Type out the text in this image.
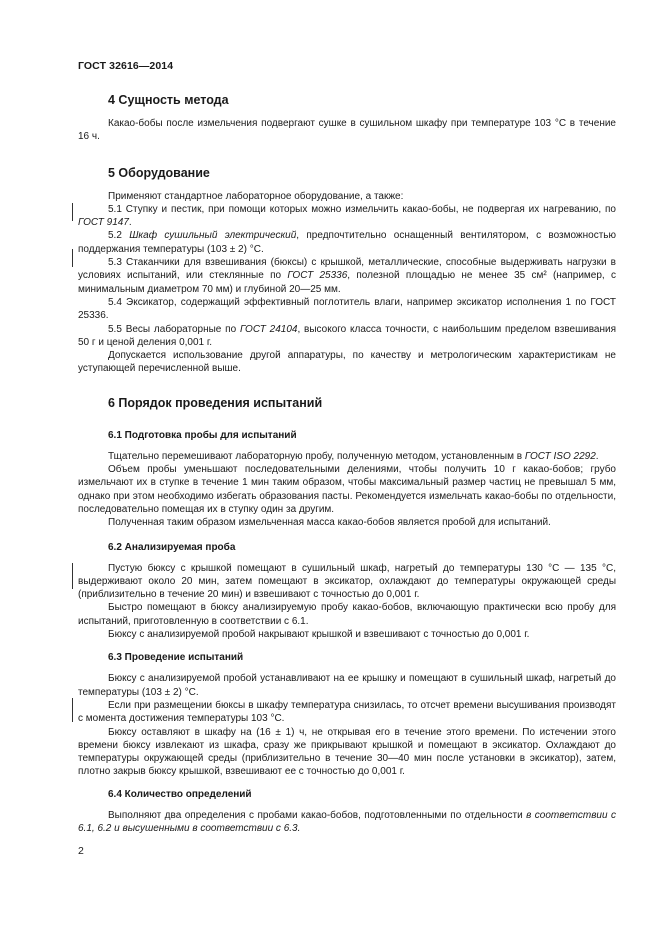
ГОСТ 32616—2014
4 Сущность метода

Какао-бобы после измельчения подвергают сушке в сушильном шкафу при температуре 103 °C в течение 16 ч.

5 Оборудование

Применяют стандартное лабораторное оборудование, а также:

5.1 Ступку и пестик, при помощи которых можно измельчить какао-бобы, не подвергая их нагреванию, по ГОСТ 9147.

5.2 Шкаф сушильный электрический, предпочтительно оснащенный вентилятором, с возможностью поддержания температуры (103 ± 2) °С.

5.3 Стаканчики для взвешивания (бюксы) с крышкой, металлические, способные выдерживать нагрузки в условиях испытаний, или стеклянные по ГОСТ 25336, полезной площадью не менее 35 см² (например, с минимальным диаметром 70 мм) и глубиной 20—25 мм.

5.4 Эксикатор, содержащий эффективный поглотитель влаги, например эксикатор исполнения 1 по ГОСТ 25336.

5.5 Весы лабораторные по ГОСТ 24104, высокого класса точности, с наибольшим пределом взвешивания 50 г и ценой деления 0,001 г.

Допускается использование другой аппаратуры, по качеству и метрологическим характеристикам не уступающей перечисленной выше.

6 Порядок проведения испытаний
6.1 Подготовка пробы для испытаний

Тщательно перемешивают лабораторную пробу, полученную методом, установленным в ГОСТ ISO 2292.

Объем пробы уменьшают последовательными делениями, чтобы получить 10 г какао-бобов; грубо измельчают их в ступке в течение 1 мин таким образом, чтобы максимальный размер частиц не превышал 5 мм, однако при этом необходимо избегать образования пасты. Рекомендуется измельчать какао-бобы по отдельности, последовательно помещая их в ступку один за другим.

Полученная таким образом измельченная масса какао-бобов является пробой для испытаний.

6.2 Анализируемая проба

Пустую бюксу с крышкой помещают в сушильный шкаф, нагретый до температуры 130 °С — 135 °С, выдерживают около 20 мин, затем помещают в эксикатор, охлаждают до температуры окружающей среды (приблизительно в течение 20 мин) и взвешивают с точностью до 0,001 г.

Быстро помещают в бюксу анализируемую пробу какао-бобов, включающую практически всю пробу для испытаний, приготовленную в соответствии с 6.1.

Бюксу с анализируемой пробой накрывают крышкой и взвешивают с точностью до 0,001 г.

6.3 Проведение испытаний

Бюксу с анализируемой пробой устанавливают на ее крышку и помещают в сушильный шкаф, нагретый до температуры (103 ± 2) °С.

Если при размещении бюксы в шкафу температура снизилась, то отсчет времени высушивания производят с момента достижения температуры 103 °С.

Бюксу оставляют в шкафу на (16 ± 1) ч, не открывая его в течение этого времени. По истечении этого времени бюксу извлекают из шкафа, сразу же прикрывают крышкой и помещают в эксикатор. Охлаждают до температуры окружающей среды (приблизительно в течение 30—40 мин после установки в эксикатор), затем, плотно закрыв бюксу крышкой, взвешивают ее с точностью до 0,001 г.

6.4 Количество определений

Выполняют два определения с пробами какао-бобов, подготовленными по отдельности в соответствии с 6.1, 6.2 и высушенными в соответствии с 6.3.

2
